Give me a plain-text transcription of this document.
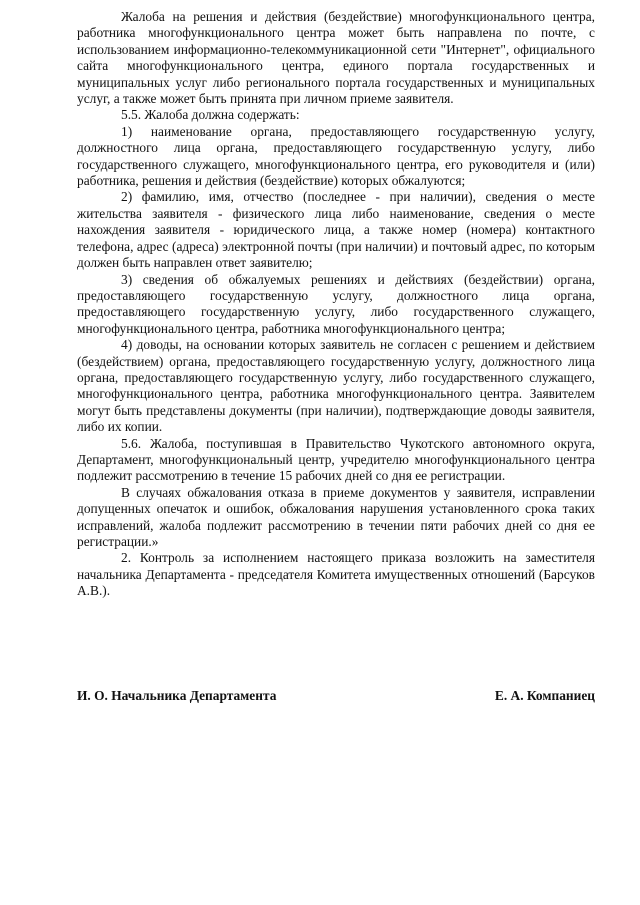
Жалоба на решения и действия (бездействие) многофункционального центра, работника многофункционального центра может быть направлена по почте, с использованием информационно-телекоммуникационной сети "Интернет", официального сайта многофункционального центра, единого портала государственных и муниципальных услуг либо регионального портала государственных и муниципальных услуг, а также может быть принята при личном приеме заявителя.

5.5. Жалоба должна содержать:

1) наименование органа, предоставляющего государственную услугу, должностного лица органа, предоставляющего государственную услугу, либо государственного служащего, многофункционального центра, его руководителя и (или) работника, решения и действия (бездействие) которых обжалуются;

2) фамилию, имя, отчество (последнее - при наличии), сведения о месте жительства заявителя - физического лица либо наименование, сведения о месте нахождения заявителя - юридического лица, а также номер (номера) контактного телефона, адрес (адреса) электронной почты (при наличии) и почтовый адрес, по которым должен быть направлен ответ заявителю;

3) сведения об обжалуемых решениях и действиях (бездействии) органа, предоставляющего государственную услугу, должностного лица органа, предоставляющего государственную услугу, либо государственного служащего, многофункционального центра, работника многофункционального центра;

4) доводы, на основании которых заявитель не согласен с решением и действием (бездействием) органа, предоставляющего государственную услугу, должностного лица органа, предоставляющего государственную услугу, либо государственного служащего, многофункционального центра, работника многофункционального центра. Заявителем могут быть представлены документы (при наличии), подтверждающие доводы заявителя, либо их копии.

5.6. Жалоба, поступившая в Правительство Чукотского автономного округа, Департамент, многофункциональный центр, учредителю многофункционального центра подлежит рассмотрению в течение 15 рабочих дней со дня ее регистрации.

В случаях обжалования отказа в приеме документов у заявителя, исправлении допущенных опечаток и ошибок, обжалования нарушения установленного срока таких исправлений, жалоба подлежит рассмотрению в течении пяти рабочих дней со дня ее регистрации.»

2. Контроль за исполнением настоящего приказа возложить на заместителя начальника Департамента - председателя Комитета имущественных отношений (Барсуков А.В.).

И. О. Начальника Департамента	Е. А. Компаниец
